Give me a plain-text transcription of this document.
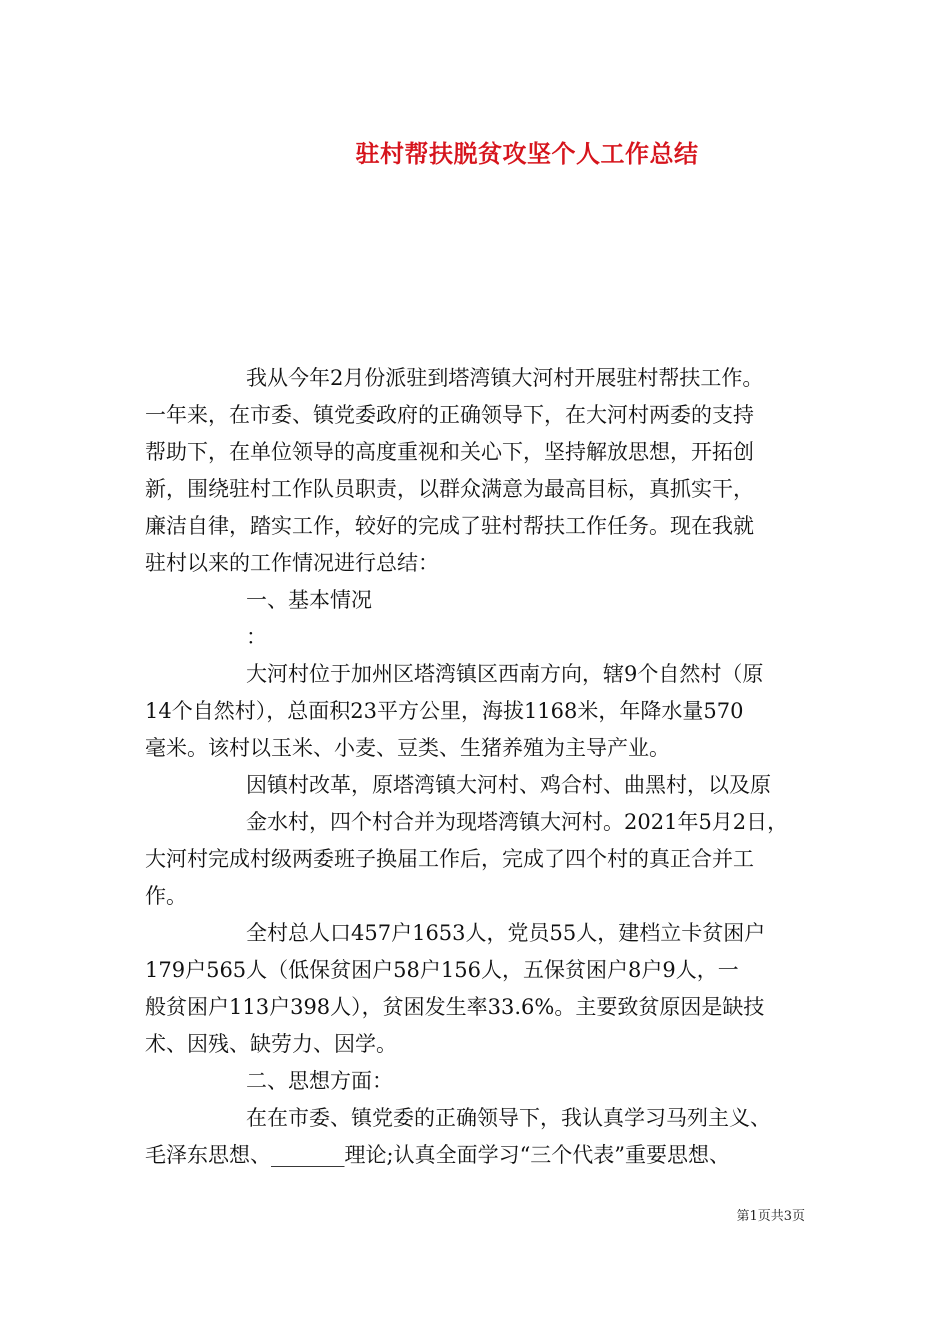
驻村帮扶脱贫攻坚个人工作总结

我从今年2月份派驻到塔湾镇大河村开展驻村帮扶工作。

一年来，在市委、镇党委政府的正确领导下，在大河村两委的支持

帮助下，在单位领导的高度重视和关心下，坚持解放思想，开拓创

新，围绕驻村工作队员职责，以群众满意为最高目标，真抓实干，

廉洁自律，踏实工作，较好的完成了驻村帮扶工作任务。现在我就

驻村以来的工作情况进行总结：

一、基本情况

：

大河村位于加州区塔湾镇区西南方向，辖9个自然村（原

14个自然村），总面积23平方公里，海拔1168米，年降水量570

毫米。该村以玉米、小麦、豆类、生猪养殖为主导产业。

因镇村改革，原塔湾镇大河村、鸡合村、曲黑村，以及原

金水村，四个村合并为现塔湾镇大河村。2021年5月2日，

大河村完成村级两委班子换届工作后，完成了四个村的真正合并工

作。

全村总人口457户1653人，党员55人，建档立卡贫困户

179户565人（低保贫困户58户156人，五保贫困户8户9人，一

般贫困户113户398人），贫困发生率33.6%。主要致贫原因是缺技

术、因残、缺劳力、因学。

二、思想方面：

在在市委、镇党委的正确领导下，我认真学习马列主义、

毛泽东思想、_______理论;认真全面学习“三个代表”重要思想、

第1页共3页
